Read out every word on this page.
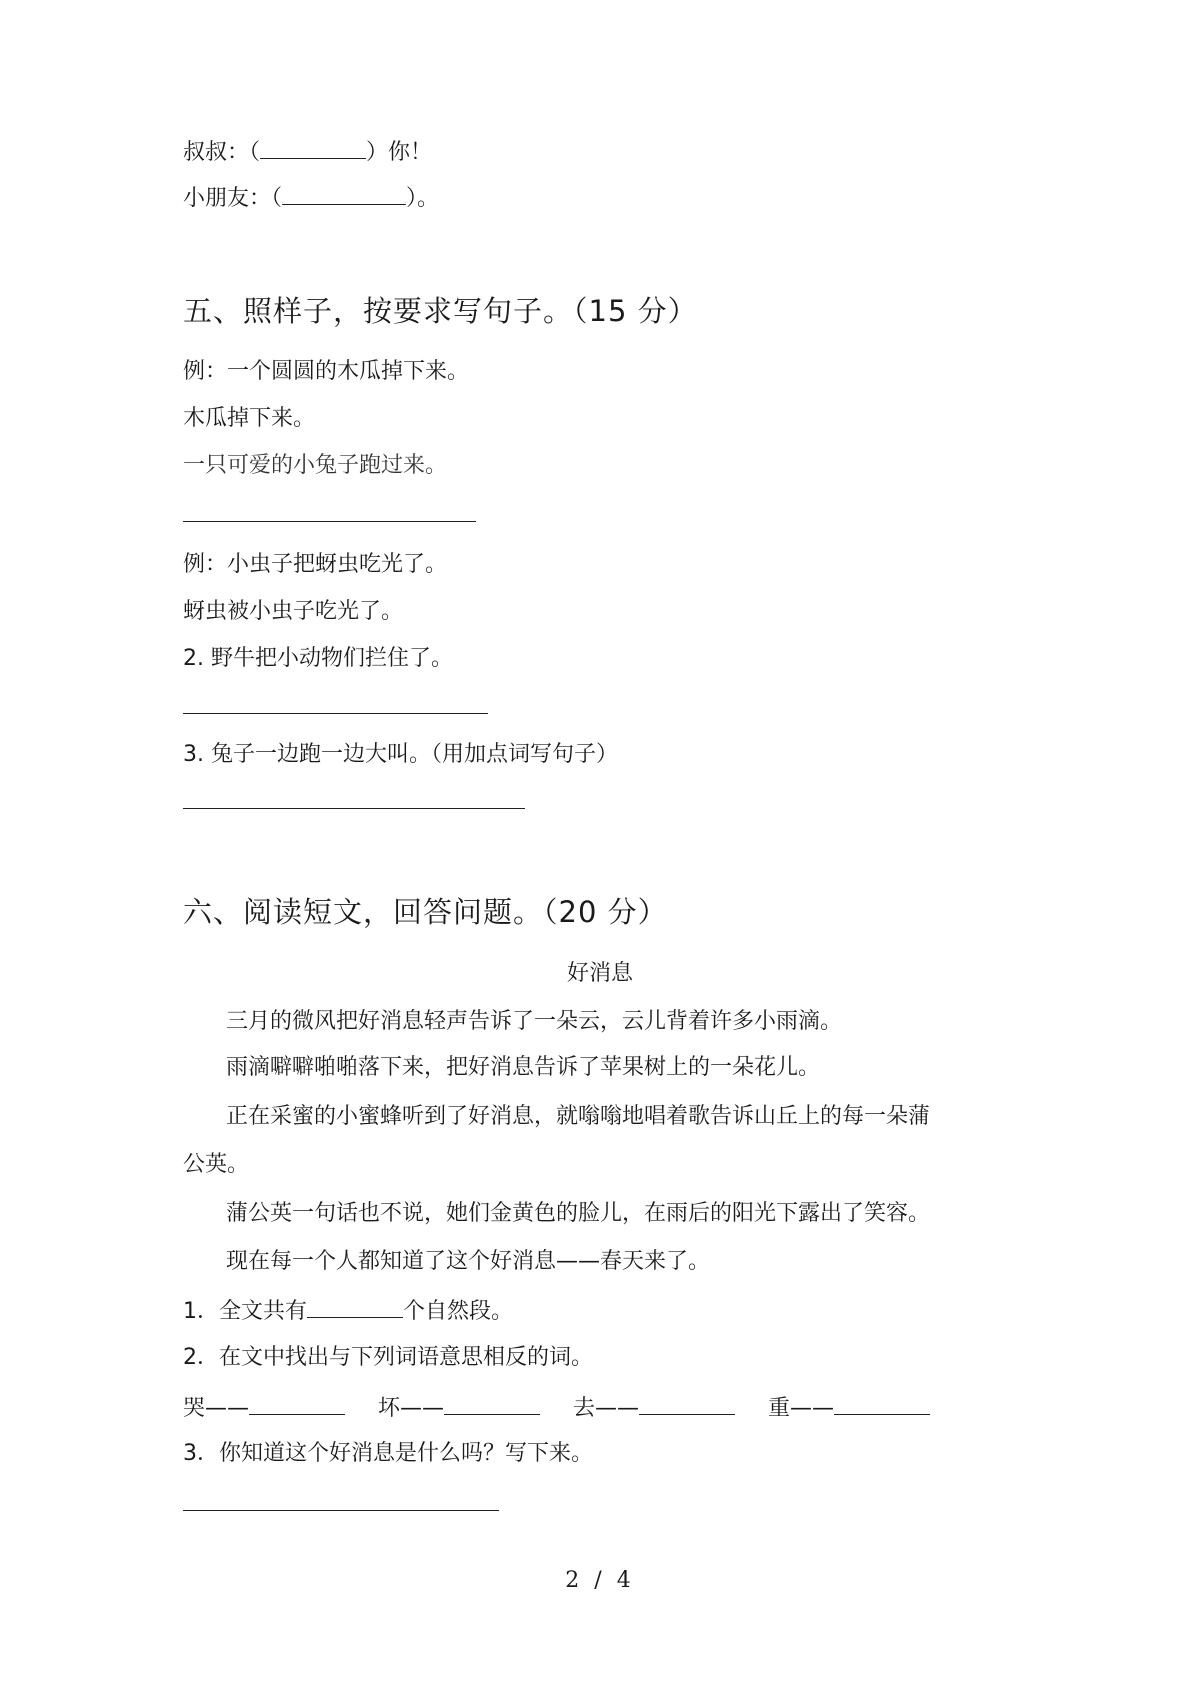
叔叔：（	）你！
小朋友：（	）。
五、照样子，按要求写句子。（15 分）
例：一个圆圆的木瓜掉下来。
木瓜掉下来。
一只可爱的小兔子跑过来。
例：小虫子把蚜虫吃光了。
蚜虫被小虫子吃光了。
2. 野牛把小动物们拦住了。
3. 兔子一边跑一边大叫。（用加点词写句子）
六、阅读短文，回答问题。（20 分）
好消息
三月的微风把好消息轻声告诉了一朵云，云儿背着许多小雨滴。
雨滴噼噼啪啪落下来，把好消息告诉了苹果树上的一朵花儿。
正在采蜜的小蜜蜂听到了好消息，就嗡嗡地唱着歌告诉山丘上的每一朵蒲
公英。
蒲公英一句话也不说，她们金黄色的脸儿，在雨后的阳光下露出了笑容。
现在每一个人都知道了这个好消息——春天来了。
1．全文共有	个自然段。
2．在文中找出与下列词语意思相反的词。
哭——	坏——	去——	重——
3．你知道这个好消息是什么吗？写下来。
2 / 4
